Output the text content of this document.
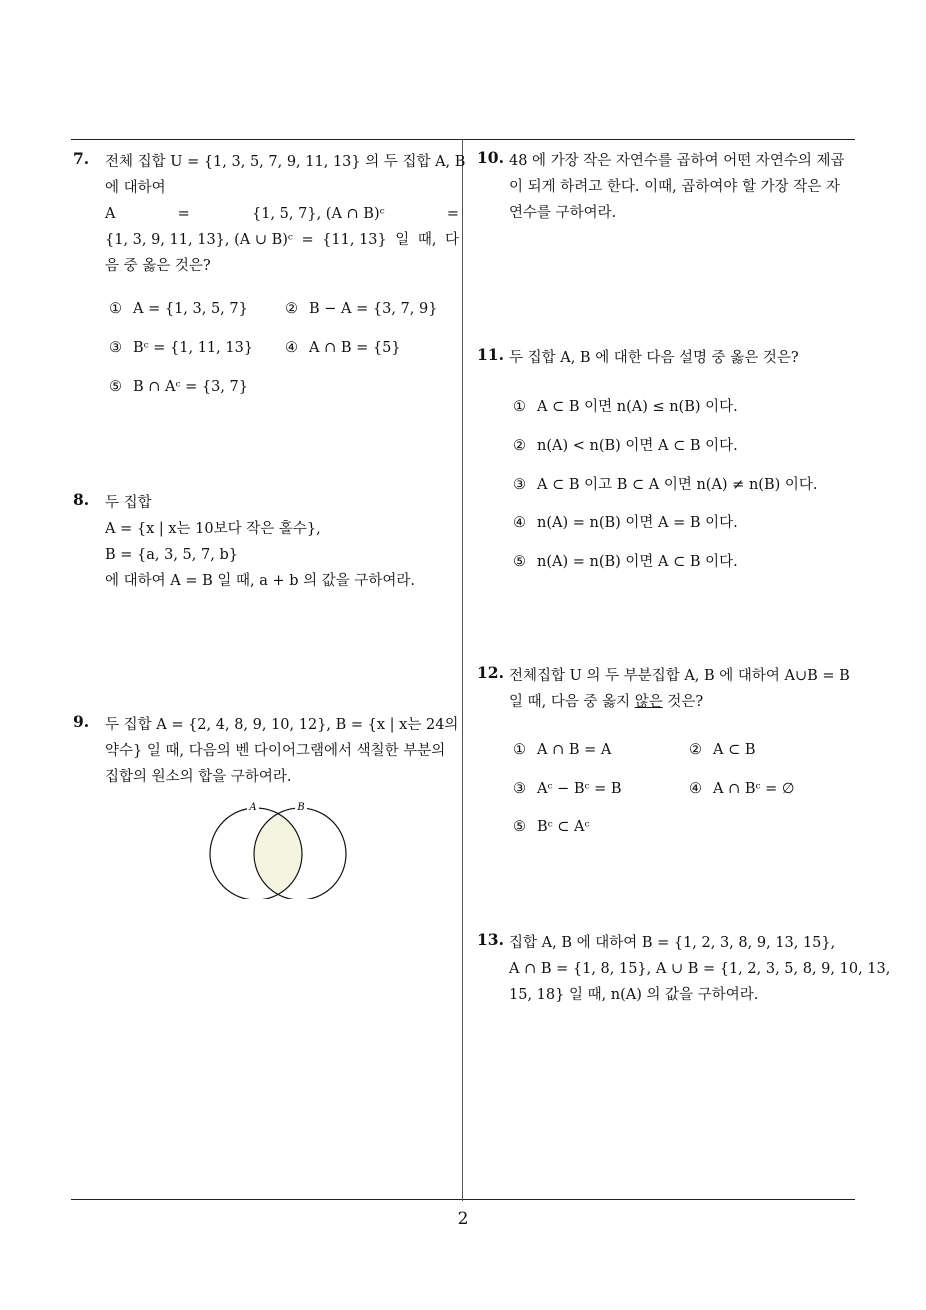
7. 전체 집합 U = {1, 3, 5, 7, 9, 11, 13} 의 두 집합 A, B
에 대하여
A	=	{1, 5, 7}, (A ∩ B)ᶜ	=
{1, 3, 9, 11, 13}, (A ∪ B)ᶜ = {11, 13} 일 때, 다
음 중 옳은 것은?
① A = {1, 3, 5, 7}	② B − A = {3, 7, 9}
③ Bᶜ = {1, 11, 13} ④ A ∩ B = {5}
⑤ B ∩ Aᶜ = {3, 7}
8. 두 집합
A = {x | x는 10보다 작은 홀수},
B = {a, 3, 5, 7, b}
에 대하여 A = B 일 때, a + b 의 값을 구하여라.
9. 두 집합 A = {2, 4, 8, 9, 10, 12}, B = {x | x는 24의
약수} 일 때, 다음의 벤 다이어그램에서 색칠한 부분의
집합의 원소의 합을 구하여라.
A	B
10. 48 에 가장 작은 자연수를 곱하여 어떤 자연수의 제곱
이 되게 하려고 한다. 이때, 곱하여야 할 가장 작은 자
연수를 구하여라.
11. 두 집합 A, B 에 대한 다음 설명 중 옳은 것은?
① A ⊂ B 이면 n(A) ≤ n(B) 이다.
② n(A) < n(B) 이면 A ⊂ B 이다.
③ A ⊂ B 이고 B ⊂ A 이면 n(A) ≠ n(B) 이다.
④ n(A) = n(B) 이면 A = B 이다.
⑤ n(A) = n(B) 이면 A ⊂ B 이다.
12. 전체집합 U 의 두 부분집합 A, B 에 대하여 A∪B = B
일 때, 다음 중 옳지 않은 것은?
① A ∩ B = A	② A ⊂ B
③ Aᶜ − Bᶜ = B	④ A ∩ Bᶜ = ∅
⑤ Bᶜ ⊂ Aᶜ
13. 집합 A, B 에 대하여 B = {1, 2, 3, 8, 9, 13, 15},
A ∩ B = {1, 8, 15}, A ∪ B = {1, 2, 3, 5, 8, 9, 10, 13,
15, 18} 일 때, n(A) 의 값을 구하여라.
2
